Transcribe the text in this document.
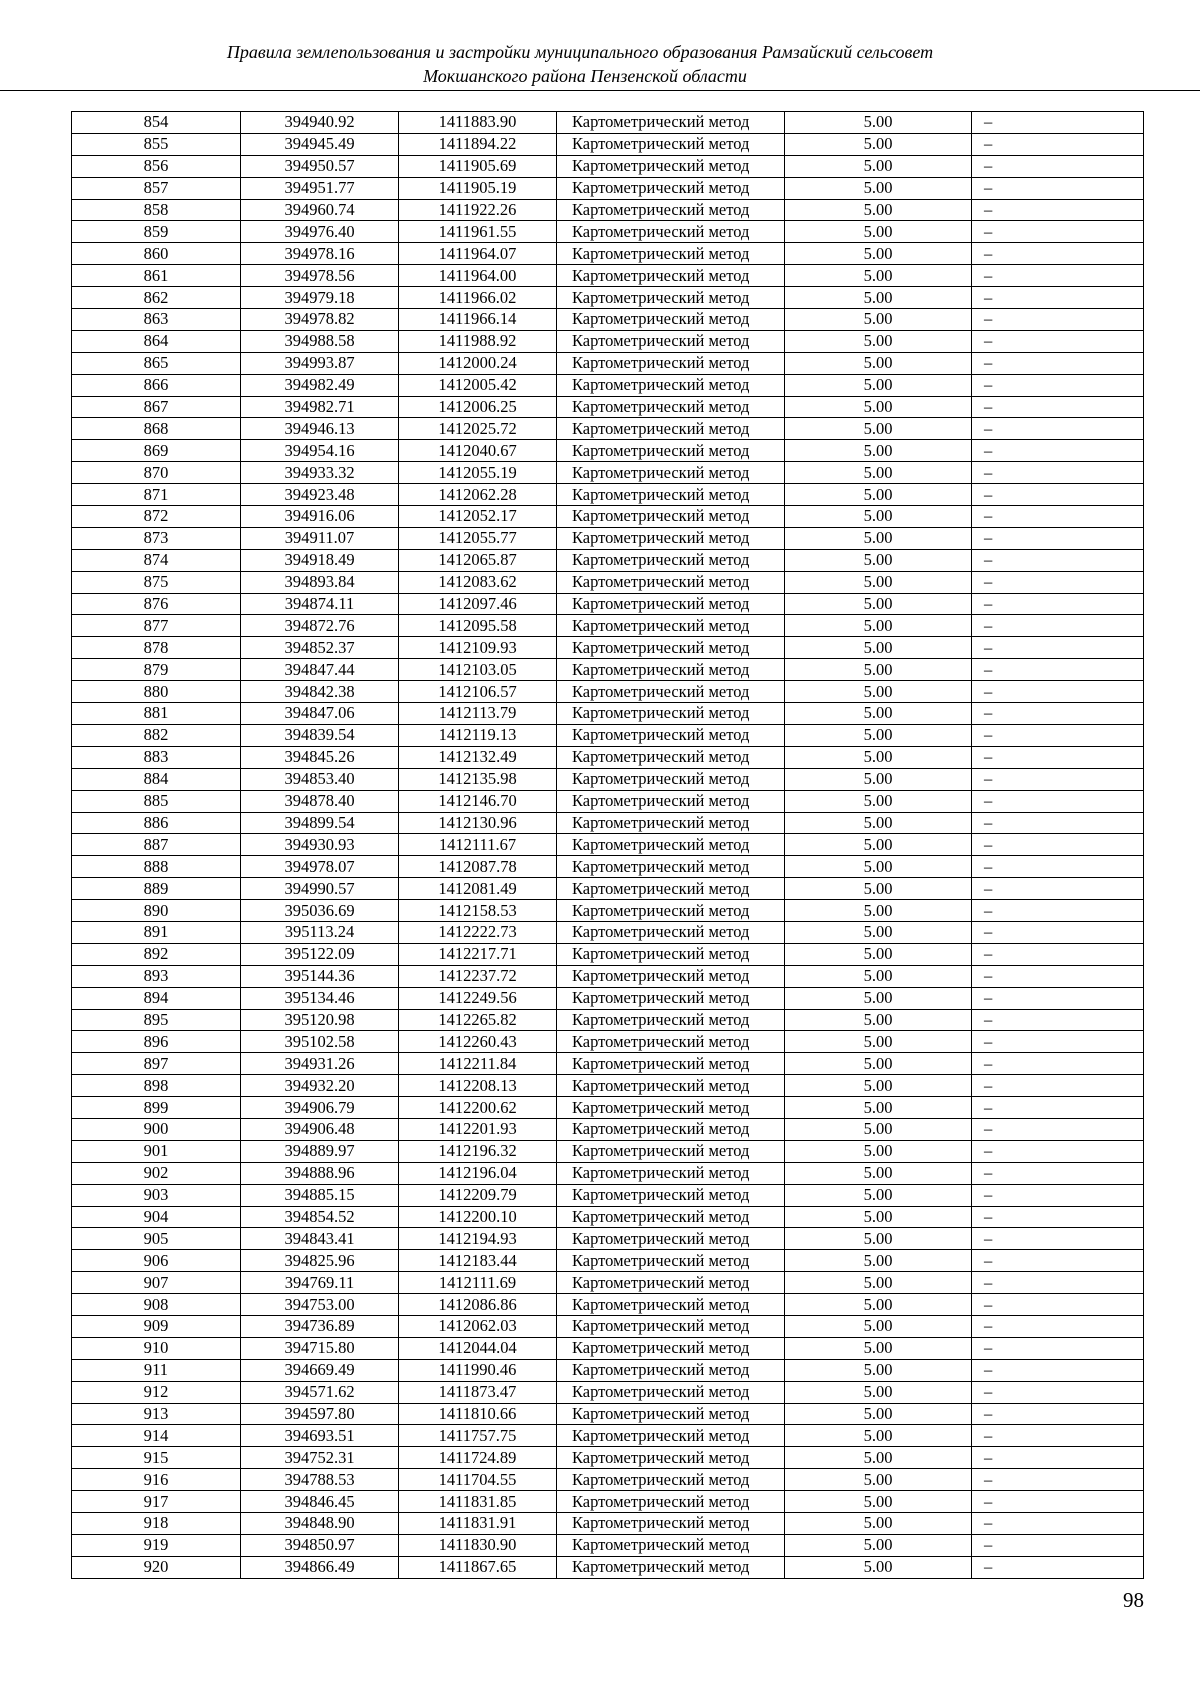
Правила землепользования и застройки муниципального образования Рамзайский сельсовет
Мокшанского района Пензенской области
854	394940.92	1411883.90	Картометрический метод	5.00	–
855	394945.49	1411894.22	Картометрический метод	5.00	–
856	394950.57	1411905.69	Картометрический метод	5.00	–
857	394951.77	1411905.19	Картометрический метод	5.00	–
858	394960.74	1411922.26	Картометрический метод	5.00	–
859	394976.40	1411961.55	Картометрический метод	5.00	–
860	394978.16	1411964.07	Картометрический метод	5.00	–
861	394978.56	1411964.00	Картометрический метод	5.00	–
862	394979.18	1411966.02	Картометрический метод	5.00	–
863	394978.82	1411966.14	Картометрический метод	5.00	–
864	394988.58	1411988.92	Картометрический метод	5.00	–
865	394993.87	1412000.24	Картометрический метод	5.00	–
866	394982.49	1412005.42	Картометрический метод	5.00	–
867	394982.71	1412006.25	Картометрический метод	5.00	–
868	394946.13	1412025.72	Картометрический метод	5.00	–
869	394954.16	1412040.67	Картометрический метод	5.00	–
870	394933.32	1412055.19	Картометрический метод	5.00	–
871	394923.48	1412062.28	Картометрический метод	5.00	–
872	394916.06	1412052.17	Картометрический метод	5.00	–
873	394911.07	1412055.77	Картометрический метод	5.00	–
874	394918.49	1412065.87	Картометрический метод	5.00	–
875	394893.84	1412083.62	Картометрический метод	5.00	–
876	394874.11	1412097.46	Картометрический метод	5.00	–
877	394872.76	1412095.58	Картометрический метод	5.00	–
878	394852.37	1412109.93	Картометрический метод	5.00	–
879	394847.44	1412103.05	Картометрический метод	5.00	–
880	394842.38	1412106.57	Картометрический метод	5.00	–
881	394847.06	1412113.79	Картометрический метод	5.00	–
882	394839.54	1412119.13	Картометрический метод	5.00	–
883	394845.26	1412132.49	Картометрический метод	5.00	–
884	394853.40	1412135.98	Картометрический метод	5.00	–
885	394878.40	1412146.70	Картометрический метод	5.00	–
886	394899.54	1412130.96	Картометрический метод	5.00	–
887	394930.93	1412111.67	Картометрический метод	5.00	–
888	394978.07	1412087.78	Картометрический метод	5.00	–
889	394990.57	1412081.49	Картометрический метод	5.00	–
890	395036.69	1412158.53	Картометрический метод	5.00	–
891	395113.24	1412222.73	Картометрический метод	5.00	–
892	395122.09	1412217.71	Картометрический метод	5.00	–
893	395144.36	1412237.72	Картометрический метод	5.00	–
894	395134.46	1412249.56	Картометрический метод	5.00	–
895	395120.98	1412265.82	Картометрический метод	5.00	–
896	395102.58	1412260.43	Картометрический метод	5.00	–
897	394931.26	1412211.84	Картометрический метод	5.00	–
898	394932.20	1412208.13	Картометрический метод	5.00	–
899	394906.79	1412200.62	Картометрический метод	5.00	–
900	394906.48	1412201.93	Картометрический метод	5.00	–
901	394889.97	1412196.32	Картометрический метод	5.00	–
902	394888.96	1412196.04	Картометрический метод	5.00	–
903	394885.15	1412209.79	Картометрический метод	5.00	–
904	394854.52	1412200.10	Картометрический метод	5.00	–
905	394843.41	1412194.93	Картометрический метод	5.00	–
906	394825.96	1412183.44	Картометрический метод	5.00	–
907	394769.11	1412111.69	Картометрический метод	5.00	–
908	394753.00	1412086.86	Картометрический метод	5.00	–
909	394736.89	1412062.03	Картометрический метод	5.00	–
910	394715.80	1412044.04	Картометрический метод	5.00	–
911	394669.49	1411990.46	Картометрический метод	5.00	–
912	394571.62	1411873.47	Картометрический метод	5.00	–
913	394597.80	1411810.66	Картометрический метод	5.00	–
914	394693.51	1411757.75	Картометрический метод	5.00	–
915	394752.31	1411724.89	Картометрический метод	5.00	–
916	394788.53	1411704.55	Картометрический метод	5.00	–
917	394846.45	1411831.85	Картометрический метод	5.00	–
918	394848.90	1411831.91	Картометрический метод	5.00	–
919	394850.97	1411830.90	Картометрический метод	5.00	–
920	394866.49	1411867.65	Картометрический метод	5.00	–
98
